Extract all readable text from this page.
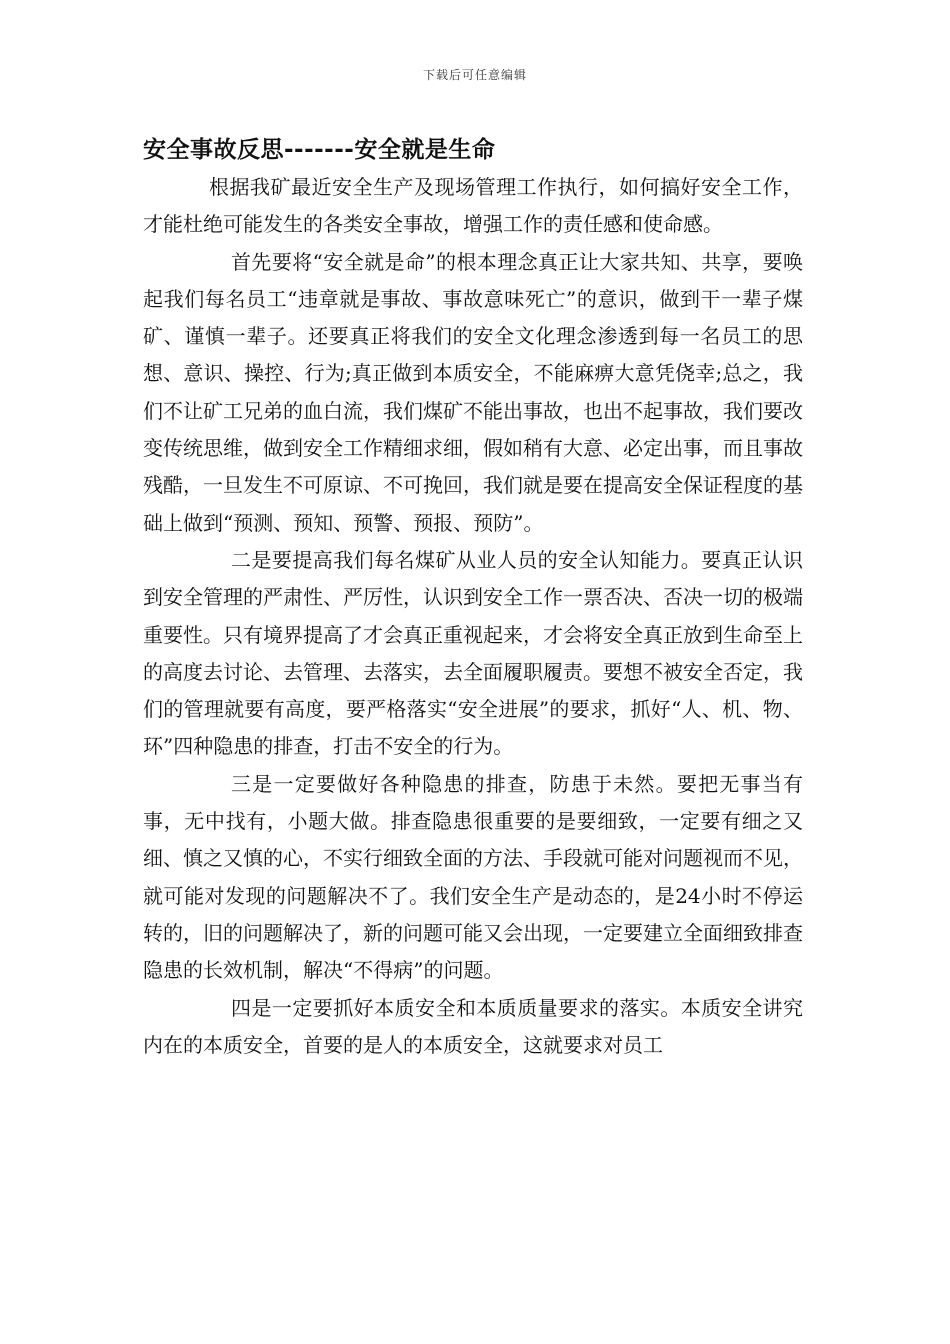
下载后可任意编辑
安全事故反思-------安全就是生命

根据我矿最近安全生产及现场管理工作执行，如何搞好安全工作，才能杜绝可能发生的各类安全事故，增强工作的责任感和使命感。

首先要将“安全就是命”的根本理念真正让大家共知、共享，要唤起我们每名员工“违章就是事故、事故意味死亡”的意识，做到干一辈子煤矿、谨慎一辈子。还要真正将我们的安全文化理念渗透到每一名员工的思想、意识、操控、行为;真正做到本质安全，不能麻痹大意凭侥幸;总之，我们不让矿工兄弟的血白流，我们煤矿不能出事故，也出不起事故，我们要改变传统思维，做到安全工作精细求细，假如稍有大意、必定出事，而且事故残酷，一旦发生不可原谅、不可挽回，我们就是要在提高安全保证程度的基础上做到“预测、预知、预警、预报、预防”。

二是要提高我们每名煤矿从业人员的安全认知能力。要真正认识到安全管理的严肃性、严厉性，认识到安全工作一票否决、否决一切的极端重要性。只有境界提高了才会真正重视起来，才会将安全真正放到生命至上的高度去讨论、去管理、去落实，去全面履职履责。要想不被安全否定，我们的管理就要有高度，要严格落实“安全进展”的要求，抓好“人、机、物、环”四种隐患的排查，打击不安全的行为。

三是一定要做好各种隐患的排查，防患于未然。要把无事当有事，无中找有，小题大做。排查隐患很重要的是要细致，一定要有细之又细、慎之又慎的心，不实行细致全面的方法、手段就可能对问题视而不见，就可能对发现的问题解决不了。我们安全生产是动态的，是24小时不停运转的，旧的问题解决了，新的问题可能又会出现，一定要建立全面细致排查隐患的长效机制，解决“不得病”的问题。

四是一定要抓好本质安全和本质质量要求的落实。本质安全讲究内在的本质安全，首要的是人的本质安全，这就要求对员工
